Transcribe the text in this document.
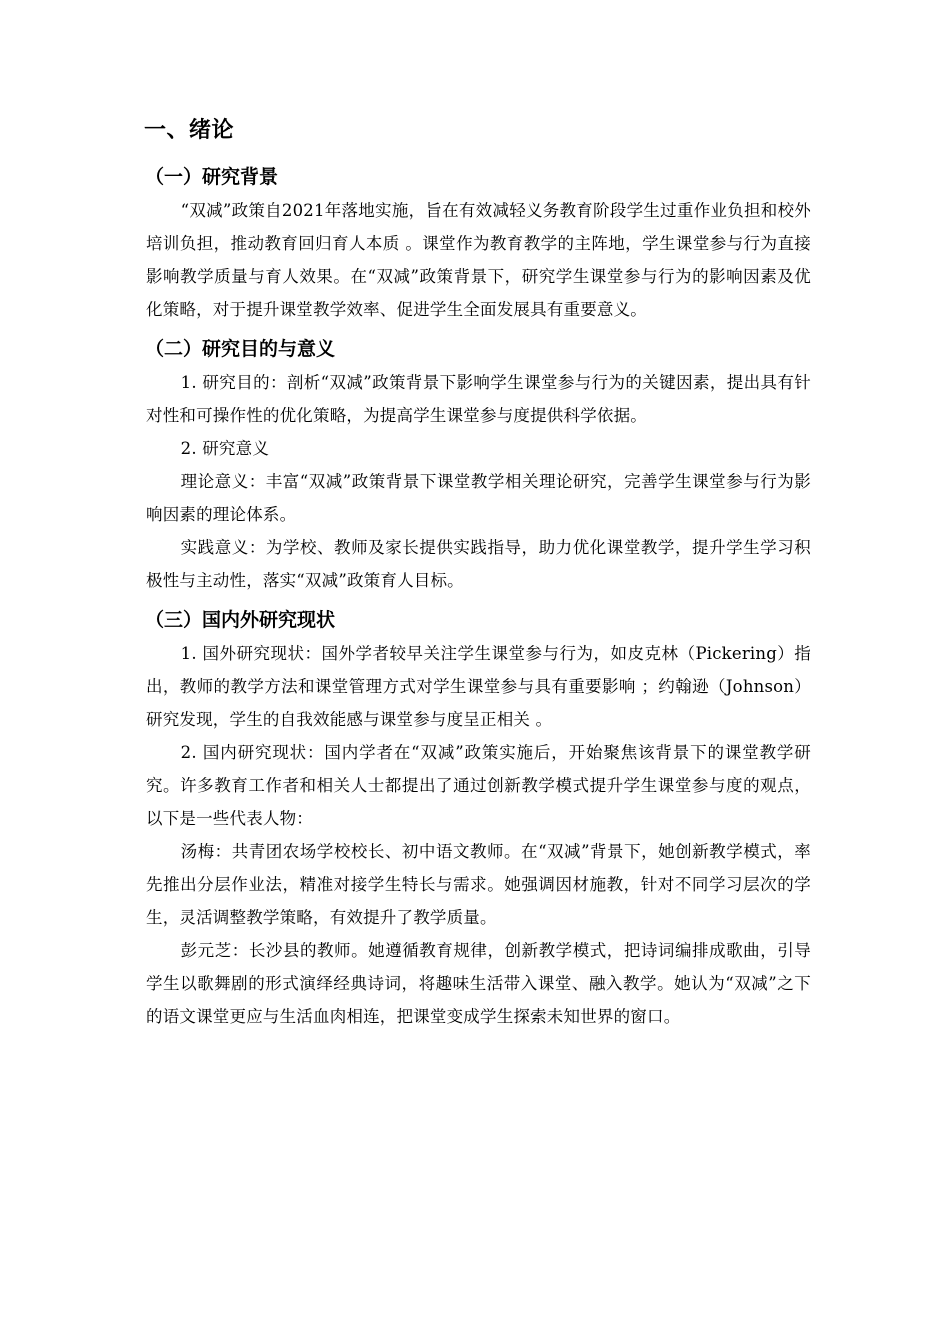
一、绪论
（一）研究背景

“双减”政策自2021年落地实施，旨在有效减轻义务教育阶段学生过重作业负担和校外培训负担，推动教育回归育人本质 。课堂作为教育教学的主阵地，学生课堂参与行为直接影响教学质量与育人效果。在“双减”政策背景下，研究学生课堂参与行为的影响因素及优化策略，对于提升课堂教学效率、促进学生全面发展具有重要意义。

（二）研究目的与意义

1. 研究目的：剖析“双减”政策背景下影响学生课堂参与行为的关键因素，提出具有针对性和可操作性的优化策略，为提高学生课堂参与度提供科学依据。

2. 研究意义

理论意义：丰富“双减”政策背景下课堂教学相关理论研究，完善学生课堂参与行为影响因素的理论体系。

实践意义：为学校、教师及家长提供实践指导，助力优化课堂教学，提升学生学习积极性与主动性，落实“双减”政策育人目标。

（三）国内外研究现状

1. 国外研究现状：国外学者较早关注学生课堂参与行为，如皮克林（Pickering）指出，教师的教学方法和课堂管理方式对学生课堂参与具有重要影响 ；约翰逊（Johnson）研究发现，学生的自我效能感与课堂参与度呈正相关 。

2. 国内研究现状：国内学者在“双减”政策实施后，开始聚焦该背景下的课堂教学研究。许多教育工作者和相关人士都提出了通过创新教学模式提升学生课堂参与度的观点，以下是一些代表人物：

汤梅：共青团农场学校校长、初中语文教师。在“双减”背景下，她创新教学模式，率先推出分层作业法，精准对接学生特长与需求。她强调因材施教，针对不同学习层次的学生，灵活调整教学策略，有效提升了教学质量。

彭元芝：长沙县的教师。她遵循教育规律，创新教学模式，把诗词编排成歌曲，引导学生以歌舞剧的形式演绎经典诗词，将趣味生活带入课堂、融入教学。她认为“双减”之下的语文课堂更应与生活血肉相连，把课堂变成学生探索未知世界的窗口。
